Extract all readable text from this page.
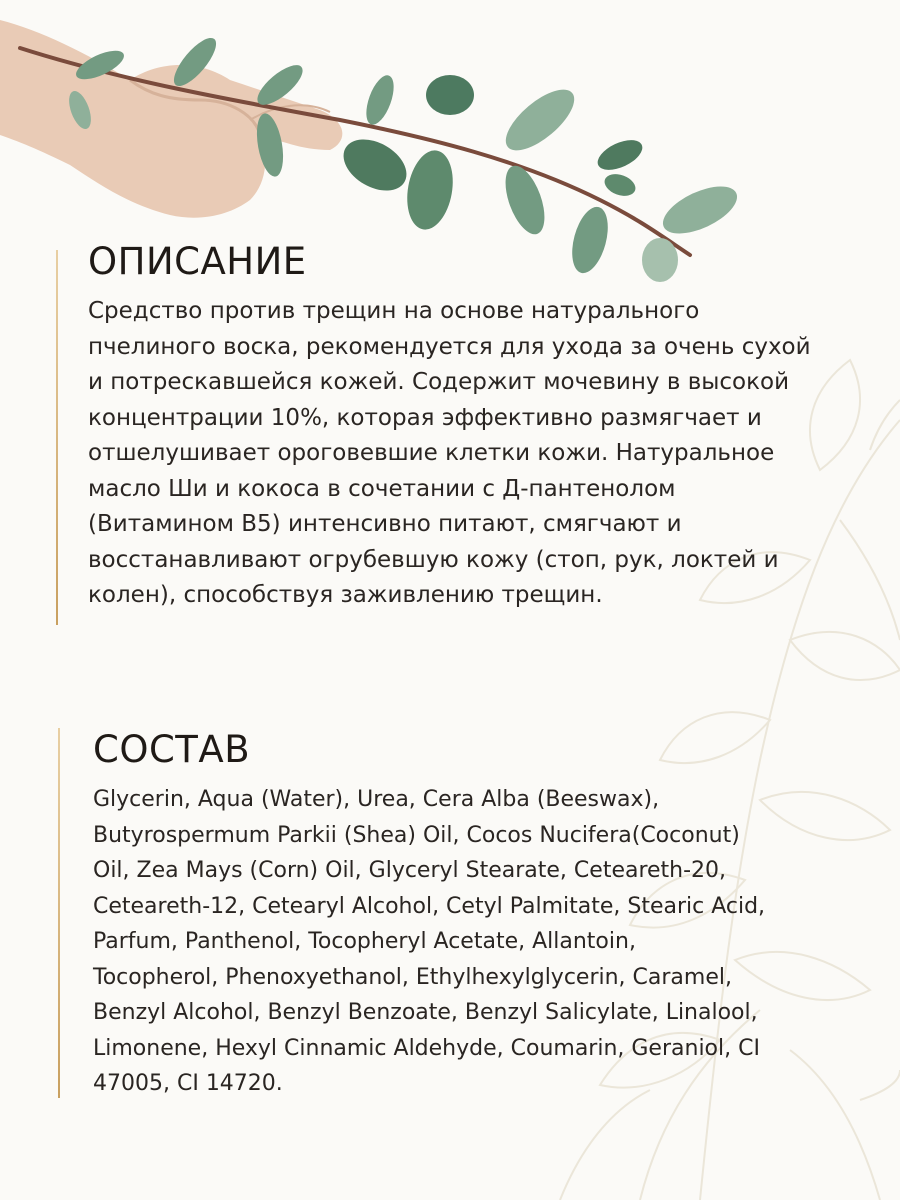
ОПИСАНИЕ
Средство против трещин на основе натурального
пчелиного воска, рекомендуется для ухода за очень сухой
и потрескавшейся кожей. Содержит мочевину в высокой
концентрации 10%, которая эффективно размягчает и
отшелушивает ороговевшие клетки кожи. Натуральное
масло Ши и кокоса в сочетании с Д-пантенолом
(Витамином B5) интенсивно питают, смягчают и
восстанавливают огрубевшую кожу (стоп, рук, локтей и
колен), способствуя заживлению трещин.
СОСТАВ
Glycerin, Aqua (Water), Urea, Cera Alba (Beeswax),
Butyrospermum Parkii (Shea) Oil, Cocos Nucifera(Coconut)
Oil, Zea Mays (Corn) Oil, Glyceryl Stearate, Ceteareth-20,
Ceteareth-12, Cetearyl Alcohol, Cetyl Palmitate, Stearic Acid,
Parfum, Panthenol, Tocopheryl Acetate, Allantoin,
Tocopherol, Phenoxyethanol, Ethylhexylglycerin, Caramel,
Benzyl Alcohol, Benzyl Benzoate, Benzyl Salicylate, Linalool,
Limonene, Hexyl Cinnamic Aldehyde, Coumarin, Geraniol, CI
47005, CI 14720.
